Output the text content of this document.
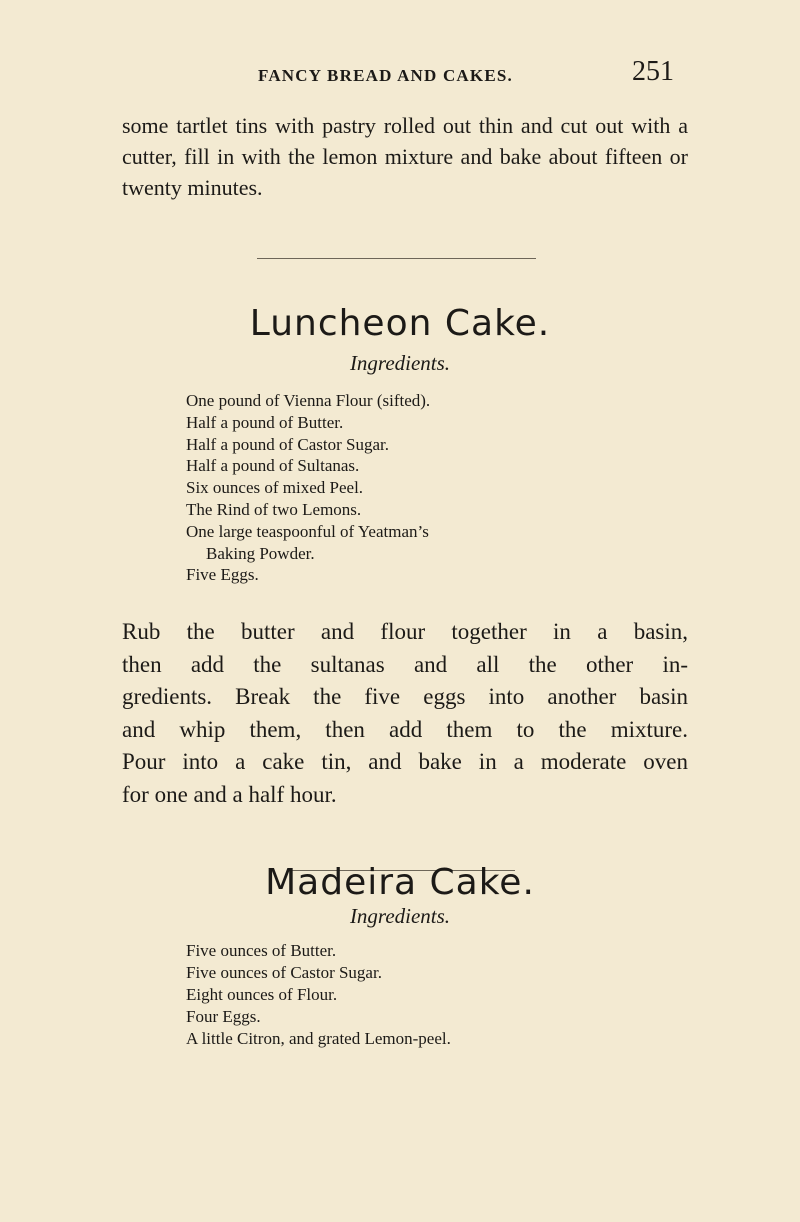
FANCY BREAD AND CAKES.	251

some tartlet tins with pastry rolled out thin and cut out with a cutter, fill in with the lemon mixture and bake about fifteen or twenty minutes.

Luncheon Cake.
Ingredients.
One pound of Vienna Flour (sifted).
Half a pound of Butter.
Half a pound of Castor Sugar.
Half a pound of Sultanas.
Six ounces of mixed Peel.
The Rind of two Lemons.
One large teaspoonful of Yeatman’s
Baking Powder.
Five Eggs.
Rub the butter and flour together in a basin,
then add the sultanas and all the other in-
gredients. Break the five eggs into another basin
and whip them, then add them to the mixture.
Pour into a cake tin, and bake in a moderate oven
for one and a half hour.
Madeira Cake.
Ingredients.
Five ounces of Butter.
Five ounces of Castor Sugar.
Eight ounces of Flour.
Four Eggs.
A little Citron, and grated Lemon-peel.
